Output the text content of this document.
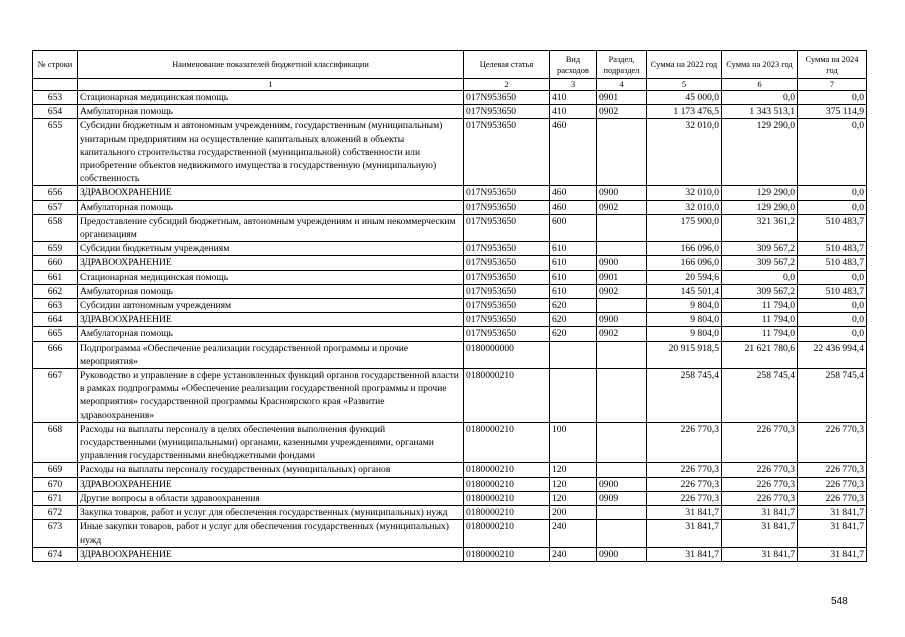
№ строки	Наименование показателей бюджетной классификации	Целевая статья	Вид расходов	Раздел, подраздел	Сумма на 2022 год	Сумма на 2023 год	Сумма на 2024 год
	1	2	3	4	5	6	7
653	Стационарная медицинская помощь	017N953650	410	0901	45 000,0	0,0	0,0
654	Амбулаторная помощь	017N953650	410	0902	1 173 476,5	1 343 513,1	375 114,9
655	Субсидии бюджетным и автономным учреждениям, государственным (муниципальным) унитарным предприятиям на осуществление капитальных вложений в объекты капитального строительства государственной (муниципальной) собственности или приобретение объектов недвижимого имущества в государственную (муниципальную) собственность	017N953650	460		32 010,0	129 290,0	0,0
656	ЗДРАВООХРАНЕНИЕ	017N953650	460	0900	32 010,0	129 290,0	0,0
657	Амбулаторная помощь	017N953650	460	0902	32 010,0	129 290,0	0,0
658	Предоставление субсидий бюджетным, автономным учреждениям и иным некоммерческим организациям	017N953650	600		175 900,0	321 361,2	510 483,7
659	Субсидии бюджетным учреждениям	017N953650	610		166 096,0	309 567,2	510 483,7
660	ЗДРАВООХРАНЕНИЕ	017N953650	610	0900	166 096,0	309 567,2	510 483,7
661	Стационарная медицинская помощь	017N953650	610	0901	20 594,6	0,0	0,0
662	Амбулаторная помощь	017N953650	610	0902	145 501,4	309 567,2	510 483,7
663	Субсидии автономным учреждениям	017N953650	620		9 804,0	11 794,0	0,0
664	ЗДРАВООХРАНЕНИЕ	017N953650	620	0900	9 804,0	11 794,0	0,0
665	Амбулаторная помощь	017N953650	620	0902	9 804,0	11 794,0	0,0
666	Подпрограмма «Обеспечение реализации государственной программы и прочие мероприятия»	0180000000			20 915 918,5	21 621 780,6	22 436 994,4
667	Руководство и управление в сфере установленных функций органов государственной власти в рамках подпрограммы «Обеспечение реализации государственной программы и прочие мероприятия» государственной программы Красноярского края «Развитие здравоохранения»	0180000210			258 745,4	258 745,4	258 745,4
668	Расходы на выплаты персоналу в целях обеспечения выполнения функций государственными (муниципальными) органами, казенными учреждениями, органами управления государственными внебюджетными фондами	0180000210	100		226 770,3	226 770,3	226 770,3
669	Расходы на выплаты персоналу государственных (муниципальных) органов	0180000210	120		226 770,3	226 770,3	226 770,3
670	ЗДРАВООХРАНЕНИЕ	0180000210	120	0900	226 770,3	226 770,3	226 770,3
671	Другие вопросы в области здравоохранения	0180000210	120	0909	226 770,3	226 770,3	226 770,3
672	Закупка товаров, работ и услуг для обеспечения государственных (муниципальных) нужд	0180000210	200		31 841,7	31 841,7	31 841,7
673	Иные закупки товаров, работ и услуг для обеспечения государственных (муниципальных) нужд	0180000210	240		31 841,7	31 841,7	31 841,7
674	ЗДРАВООХРАНЕНИЕ	0180000210	240	0900	31 841,7	31 841,7	31 841,7
548
